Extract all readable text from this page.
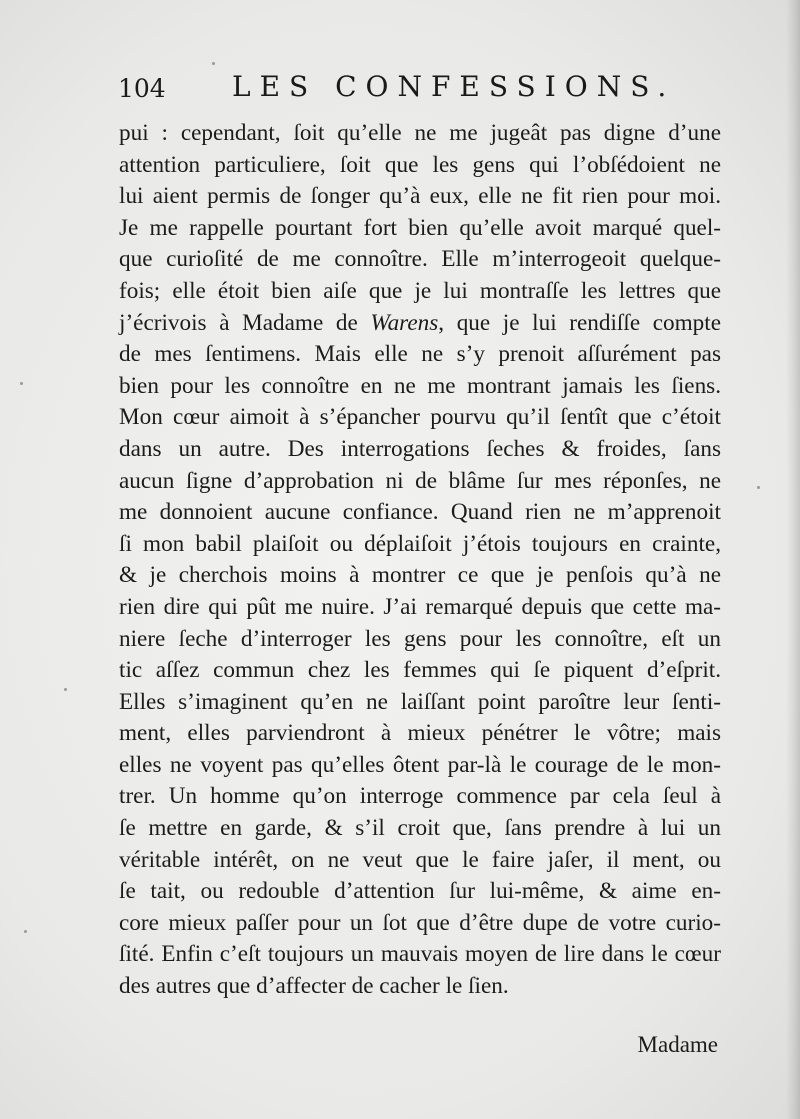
104 LES CONFESSIONS.
pui : cependant, ſoit qu’elle ne me jugeât pas digne d’une
attention particuliere, ſoit que les gens qui l’obſédoient ne
lui aient permis de ſonger qu’à eux, elle ne fit rien pour moi.
Je me rappelle pourtant fort bien qu’elle avoit marqué quel-
que curioſité de me connoître. Elle m’interrogeoit quelque-
fois; elle étoit bien aiſe que je lui montraſſe les lettres que
j’écrivois à Madame de Warens, que je lui rendiſſe compte
de mes ſentimens. Mais elle ne s’y prenoit aſſurément pas
bien pour les connoître en ne me montrant jamais les ſiens.
Mon cœur aimoit à s’épancher pourvu qu’il ſentît que c’étoit
dans un autre. Des interrogations ſeches & froides, ſans
aucun ſigne d’approbation ni de blâme ſur mes réponſes, ne
me donnoient aucune confiance. Quand rien ne m’apprenoit
ſi mon babil plaiſoit ou déplaiſoit j’étois toujours en crainte,
& je cherchois moins à montrer ce que je penſois qu’à ne
rien dire qui pût me nuire. J’ai remarqué depuis que cette ma-
niere ſeche d’interroger les gens pour les connoître, eſt un
tic aſſez commun chez les femmes qui ſe piquent d’eſprit.
Elles s’imaginent qu’en ne laiſſant point paroître leur ſenti-
ment, elles parviendront à mieux pénétrer le vôtre; mais
elles ne voyent pas qu’elles ôtent par-là le courage de le mon-
trer. Un homme qu’on interroge commence par cela ſeul à
ſe mettre en garde, & s’il croit que, ſans prendre à lui un
véritable intérêt, on ne veut que le faire jaſer, il ment, ou
ſe tait, ou redouble d’attention ſur lui-même, & aime en-
core mieux paſſer pour un ſot que d’être dupe de votre curio-
ſité. Enfin c’eſt toujours un mauvais moyen de lire dans le cœur
des autres que d’affecter de cacher le ſien.
Madame
